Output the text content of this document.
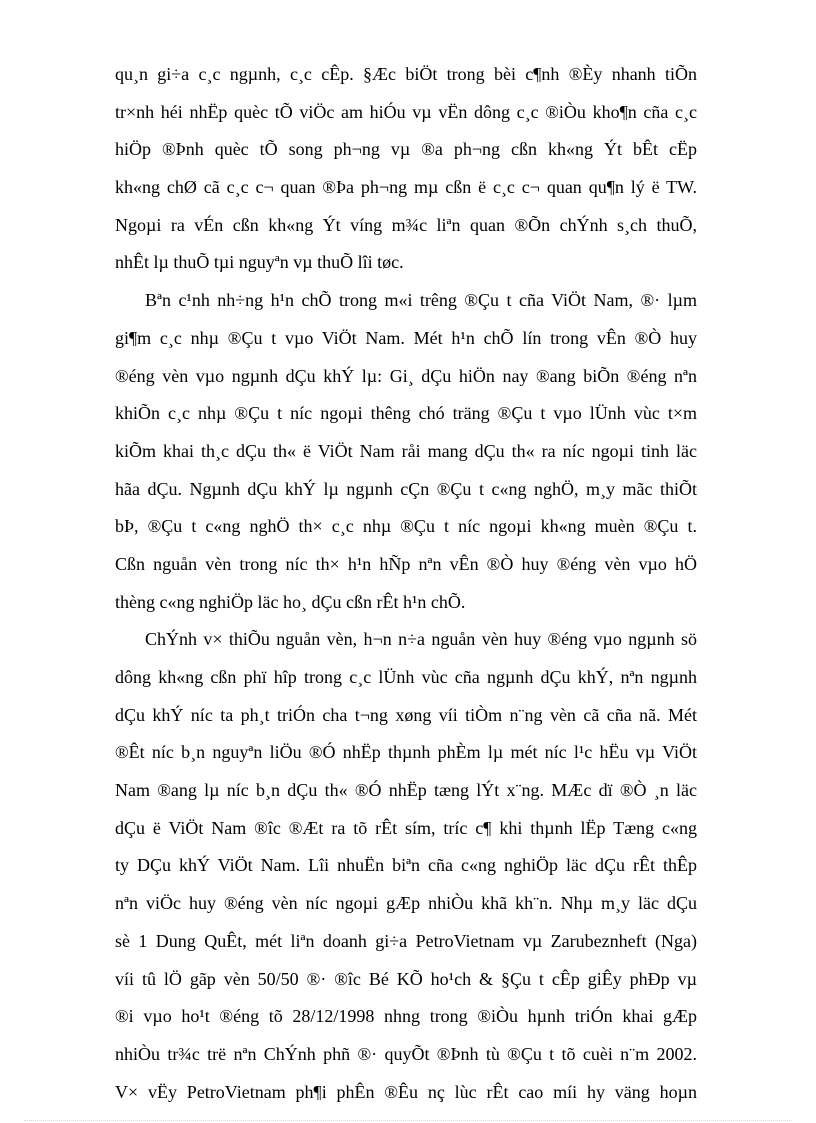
qu¸n gi÷a c¸c ngµnh, c¸c cÊp. §Æc biÖt trong bèi c¶nh ®Èy nhanh tiÕn
tr×nh héi nhËp quèc tÕ viÖc am hiÓu vµ vËn dông c¸c ®iÒu kho¶n cña c¸c
hiÖp ®Þnh quèc tÕ song ph¬ng vµ ®a ph¬ng cßn kh«ng Ýt bÊt cËp
kh«ng chØ cã c¸c c¬ quan ®Þa ph¬ng mµ cßn ë c¸c c¬ quan qu¶n lý ë TW.
Ngoµi ra vÉn cßn kh«ng Ýt víng m¾c liªn quan ®Õn chÝnh s¸ch thuÕ,
nhÊt lµ thuÕ tµi nguyªn vµ thuÕ lîi tøc.
Bªn c¹nh nh÷ng h¹n chÕ trong m«i trêng ®Çu t cña ViÖt Nam, ®· lµm
gi¶m c¸c nhµ ®Çu t vµo ViÖt Nam. Mét h¹n chÕ lín trong vÊn ®Ò huy
®éng vèn vµo ngµnh dÇu khÝ lµ: Gi¸ dÇu hiÖn nay ®ang biÕn ®éng nªn
khiÕn c¸c nhµ ®Çu t níc ngoµi thêng chó träng ®Çu t vµo lÜnh vùc t×m
kiÕm khai th¸c dÇu th« ë ViÖt Nam råi mang dÇu th« ra níc ngoµi tinh läc
hãa dÇu. Ngµnh dÇu khÝ lµ ngµnh cÇn ®Çu t c«ng nghÖ, m¸y mãc thiÕt
bÞ, ®Çu t c«ng nghÖ th× c¸c nhµ ®Çu t níc ngoµi kh«ng muèn ®Çu t.
Cßn nguån vèn trong níc th× h¹n hÑp nªn vÊn ®Ò huy ®éng vèn vµo hÖ
thèng c«ng nghiÖp läc ho¸ dÇu cßn rÊt h¹n chÕ.
ChÝnh v× thiÕu nguån vèn, h¬n n÷a nguån vèn huy ®éng vµo ngµnh sö
dông kh«ng cßn phï hîp trong c¸c lÜnh vùc cña ngµnh dÇu khÝ, nªn ngµnh
dÇu khÝ níc ta ph¸t triÓn cha t¬ng xøng víi tiÒm n¨ng vèn cã cña nã. Mét
®Êt níc b¸n nguyªn liÖu ®Ó nhËp thµnh phÈm lµ mét níc l¹c hËu vµ ViÖt
Nam ®ang lµ níc b¸n dÇu th« ®Ó nhËp tæng lÝt x¨ng. MÆc dï ®Ò ¸n läc
dÇu ë ViÖt Nam ®îc ®Æt ra tõ rÊt sím, tríc c¶ khi thµnh lËp Tæng c«ng
ty DÇu khÝ ViÖt Nam. Lîi nhuËn biªn cña c«ng nghiÖp läc dÇu rÊt thÊp
nªn viÖc huy ®éng vèn níc ngoµi gÆp nhiÒu khã kh¨n. Nhµ m¸y läc dÇu
sè 1 Dung QuÊt, mét liªn doanh gi÷a PetroVietnam vµ Zarubeznheft (Nga)
víi tû lÖ gãp vèn 50/50 ®· ®îc Bé KÕ ho¹ch & §Çu t cÊp giÊy phÐp vµ
®i vµo ho¹t ®éng tõ 28/12/1998 nhng trong ®iÒu hµnh triÓn khai gÆp
nhiÒu tr¾c trë nªn ChÝnh phñ ®· quyÕt ®Þnh tù ®Çu t tõ cuèi n¨m 2002.
V× vËy PetroVietnam ph¶i phÊn ®Êu nç lùc rÊt cao míi hy väng hoµn
